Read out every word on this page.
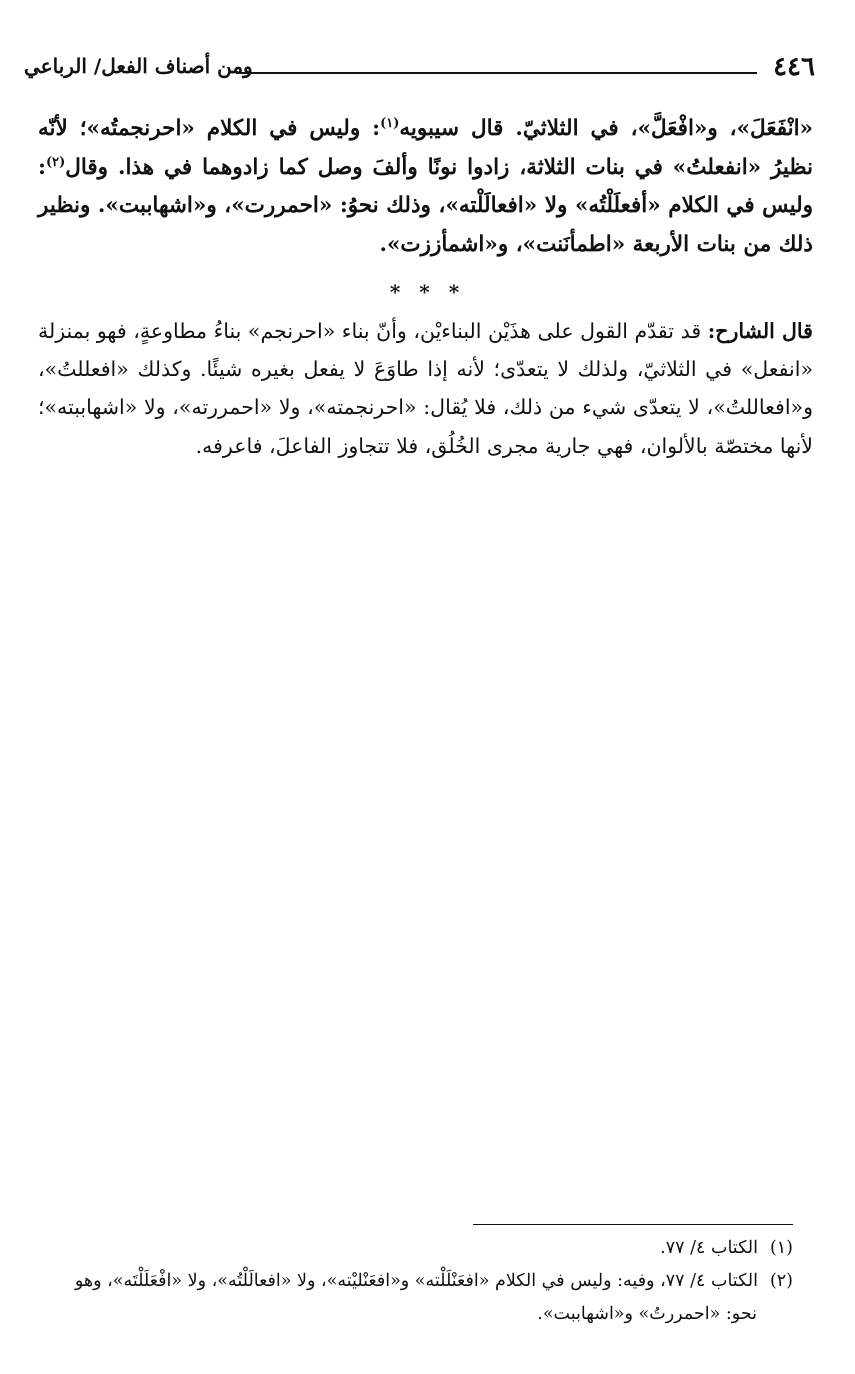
٤٤٦
ومن أصناف الفعل/ الرباعي
«انْفَعَلَ»، و«افْعَلَّ»، في الثلاثيّ. قال سيبويه$^{(١)}$: وليس في الكلام «احرنجمتُه»؛ لأنّه نظيرُ «انفعلتُ» في بنات الثلاثة، زادوا نونًا وألفَ وصل كما زادوهما في هذا. وقال$^{(٢)}$: وليس في الكلام «أفعلَلْتُه» ولا «افعالَلْته»، وذلك نحوُ: «احمررت»، و«اشهاببت». ونظير ذلك من بنات الأربعة «اطمأنَنت»، و«اشمأززت».
* * *
قال الشارح: قد تقدّم القول على هذَيْن البناءيْن، وأنّ بناء «احرنجم» بناءُ مطاوعةٍ، فهو بمنزلة «انفعل» في الثلاثيّ، ولذلك لا يتعدّى؛ لأنه إذا طاوَعَ لا يفعل بغيره شيئًا. وكذلك «افعللتُ»، و«افعاللتُ»، لا يتعدّى شيء من ذلك، فلا يُقال: «احرنجمته»، ولا «احمررته»، ولا «اشهاببته»؛ لأنها مختصّة بالألوان، فهي جارية مجرى الخُلُق، فلا تتجاوز الفاعلَ، فاعرفه.
(١)الكتاب ٤/ ٧٧.
(٢)الكتاب ٤/ ٧٧، وفيه: وليس في الكلام «افعَنْلَلْته» و«افعَنْليْته»، ولا «افعالَلْتُه»، ولا «افْعَلَلْتَه»، وهو
نحو: «احمررتُ» و«اشهاببت».
